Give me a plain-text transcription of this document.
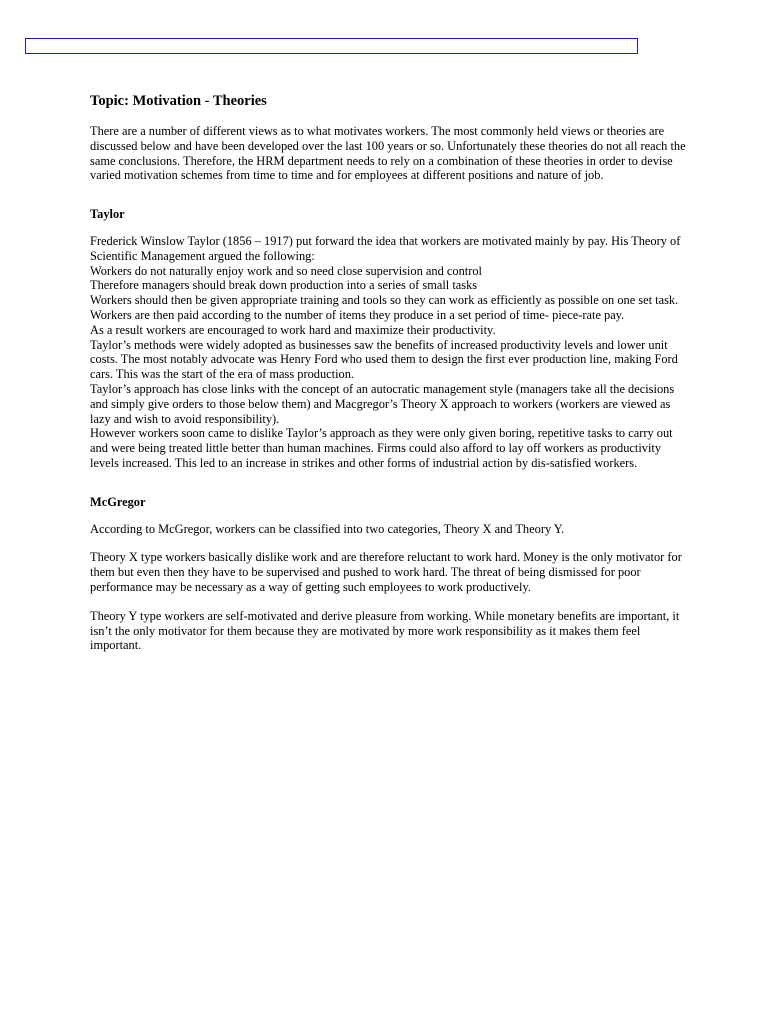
Topic: Motivation - Theories
There are a number of different views as to what motivates workers. The most commonly held views or theories are discussed below and have been developed over the last 100 years or so. Unfortunately these theories do not all reach the same conclusions. Therefore, the HRM department needs to rely on a combination of these theories in order to devise varied motivation schemes from time to time and for employees at different positions and nature of job.
Taylor
Frederick Winslow Taylor (1856 – 1917) put forward the idea that workers are motivated mainly by pay. His Theory of Scientific Management argued the following:
Workers do not naturally enjoy work and so need close supervision and control
Therefore managers should break down production into a series of small tasks
Workers should then be given appropriate training and tools so they can work as efficiently as possible on one set task.
Workers are then paid according to the number of items they produce in a set period of time- piece-rate pay.
As a result workers are encouraged to work hard and maximize their productivity.
Taylor’s methods were widely adopted as businesses saw the benefits of increased productivity levels and lower unit costs. The most notably advocate was Henry Ford who used them to design the first ever production line, making Ford cars. This was the start of the era of mass production.
Taylor’s approach has close links with the concept of an autocratic management style (managers take all the decisions and simply give orders to those below them) and Macgregor’s Theory X approach to workers (workers are viewed as lazy and wish to avoid responsibility).
However workers soon came to dislike Taylor’s approach as they were only given boring, repetitive tasks to carry out and were being treated little better than human machines. Firms could also afford to lay off workers as productivity levels increased. This led to an increase in strikes and other forms of industrial action by dis-satisfied workers.
McGregor
According to McGregor, workers can be classified into two categories, Theory X and Theory Y.
Theory X type workers basically dislike work and are therefore reluctant to work hard. Money is the only motivator for them but even then they have to be supervised and pushed to work hard. The threat of being dismissed for poor performance may be necessary as a way of getting such employees to work productively.
Theory Y type workers are self-motivated and derive pleasure from working. While monetary benefits are important, it isn’t the only motivator for them because they are motivated by more work responsibility as it makes them feel important.
